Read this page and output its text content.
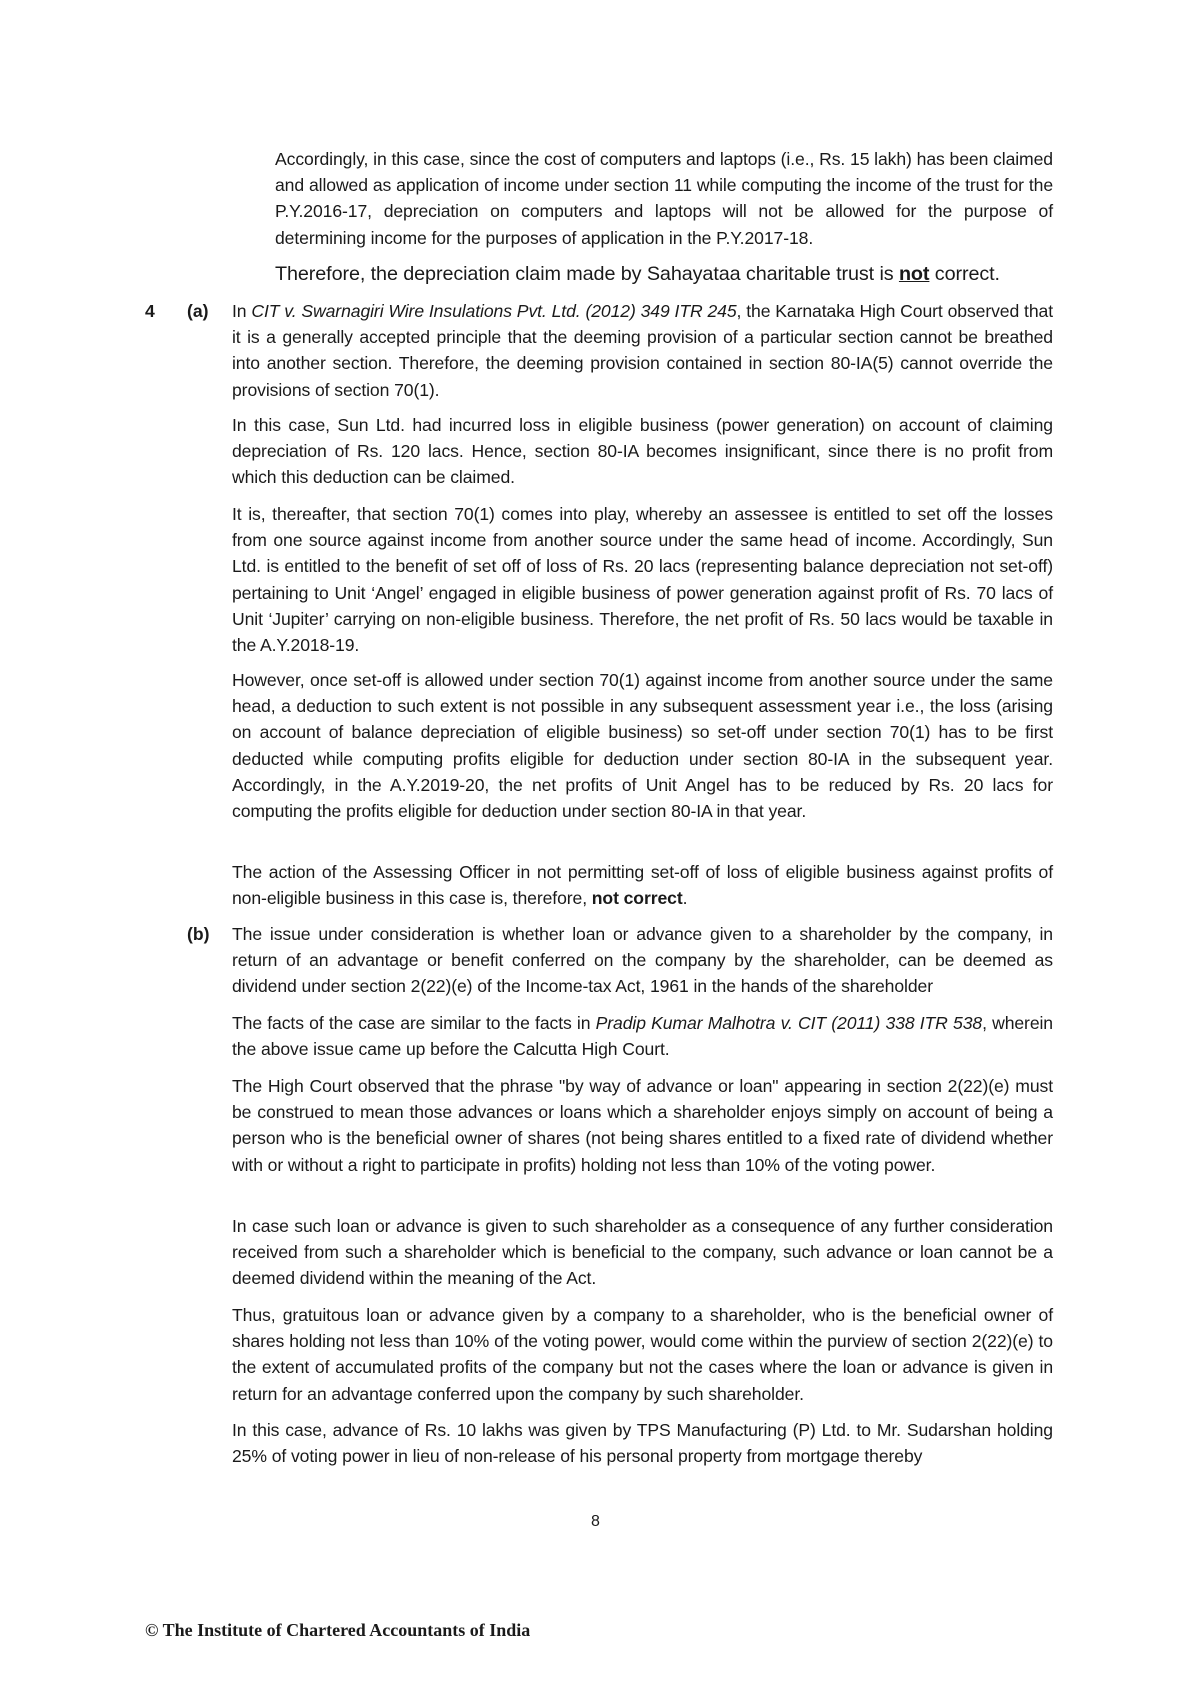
Accordingly, in this case, since the cost of computers and laptops (i.e., Rs. 15 lakh) has been claimed and allowed as application of income under section 11 while computing the income of the trust for the P.Y.2016-17, depreciation on computers and laptops will not be allowed for the purpose of determining income for the purposes of application in the P.Y.2017-18.

Therefore, the depreciation claim made by Sahayataa charitable trust is not correct.

4 (a) In CIT v. Swarnagiri Wire Insulations Pvt. Ltd. (2012) 349 ITR 245, the Karnataka High Court observed that it is a generally accepted principle that the deeming provision of a particular section cannot be breathed into another section. Therefore, the deeming provision contained in section 80-IA(5) cannot override the provisions of section 70(1).

In this case, Sun Ltd. had incurred loss in eligible business (power generation) on account of claiming depreciation of Rs. 120 lacs. Hence, section 80-IA becomes insignificant, since there is no profit from which this deduction can be claimed.

It is, thereafter, that section 70(1) comes into play, whereby an assessee is entitled to set off the losses from one source against income from another source under the same head of income. Accordingly, Sun Ltd. is entitled to the benefit of set off of loss of Rs. 20 lacs (representing balance depreciation not set-off) pertaining to Unit ‘Angel’ engaged in eligible business of power generation against profit of Rs. 70 lacs of Unit ‘Jupiter’ carrying on non-eligible business. Therefore, the net profit of Rs. 50 lacs would be taxable in the A.Y.2018-19.

However, once set-off is allowed under section 70(1) against income from another source under the same head, a deduction to such extent is not possible in any subsequent assessment year i.e., the loss (arising on account of balance depreciation of eligible business) so set-off under section 70(1) has to be first deducted while computing profits eligible for deduction under section 80-IA in the subsequent year. Accordingly, in the A.Y.2019-20, the net profits of Unit Angel has to be reduced by Rs. 20 lacs for computing the profits eligible for deduction under section 80-IA in that year.

The action of the Assessing Officer in not permitting set-off of loss of eligible business against profits of non-eligible business in this case is, therefore, not correct.

(b) The issue under consideration is whether loan or advance given to a shareholder by the company, in return of an advantage or benefit conferred on the company by the shareholder, can be deemed as dividend under section 2(22)(e) of the Income-tax Act, 1961 in the hands of the shareholder

The facts of the case are similar to the facts in Pradip Kumar Malhotra v. CIT (2011) 338 ITR 538, wherein the above issue came up before the Calcutta High Court.

The High Court observed that the phrase "by way of advance or loan" appearing in section 2(22)(e) must be construed to mean those advances or loans which a shareholder enjoys simply on account of being a person who is the beneficial owner of shares (not being shares entitled to a fixed rate of dividend whether with or without a right to participate in profits) holding not less than 10% of the voting power.

In case such loan or advance is given to such shareholder as a consequence of any further consideration received from such a shareholder which is beneficial to the company, such advance or loan cannot be a deemed dividend within the meaning of the Act.

Thus, gratuitous loan or advance given by a company to a shareholder, who is the beneficial owner of shares holding not less than 10% of the voting power, would come within the purview of section 2(22)(e) to the extent of accumulated profits of the company but not the cases where the loan or advance is given in return for an advantage conferred upon the company by such shareholder.

In this case, advance of Rs. 10 lakhs was given by TPS Manufacturing (P) Ltd. to Mr. Sudarshan holding 25% of voting power in lieu of non-release of his personal property from mortgage thereby

8
© The Institute of Chartered Accountants of India
